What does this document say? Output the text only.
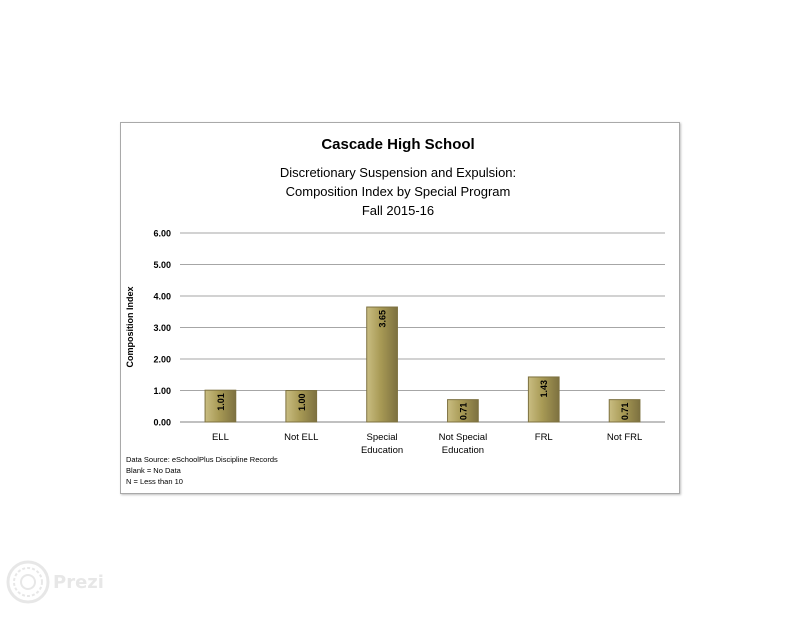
Cascade High School
Discretionary Suspension and Expulsion:
Composition Index by Special Program
Fall 2015-16
Composition Index
0.00
1.00
2.00
3.00
4.00
5.00
6.00
1.01	1.00
3.65
0.71
1.43
0.71
ELL	Not ELL	Special
Education
Not Special
Education
FRL	Not FRL
Data Source: eSchoolPlus Discipline Records
Blank = No Data
N = Less than 10
Prezi
